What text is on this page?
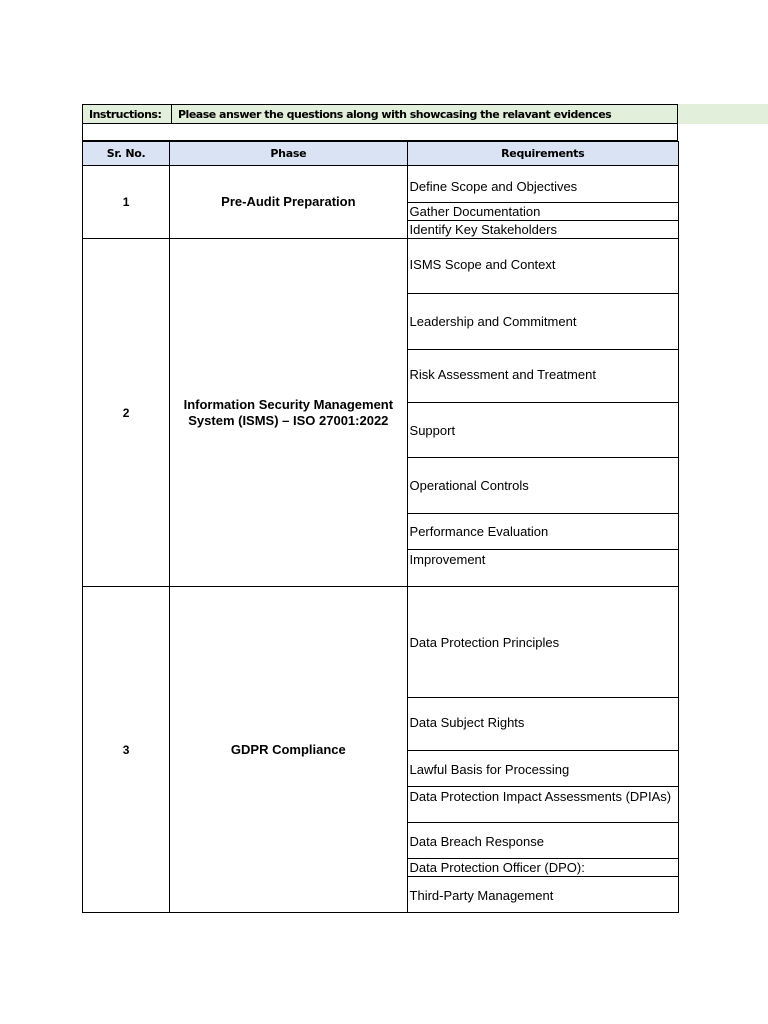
Instructions:	Please answer the questions along with showcasing the relavant evidences

Sr. No.	Phase	Requirements
1	Pre-Audit Preparation	Define Scope and Objectives
		Gather Documentation
		Identify Key Stakeholders
2	Information Security Management System (ISMS) – ISO 27001:2022	ISMS Scope and Context
		Leadership and Commitment
		Risk Assessment and Treatment
		Support
		Operational Controls
		Performance Evaluation
		Improvement
3	GDPR Compliance	Data Protection Principles
		Data Subject Rights
		Lawful Basis for Processing
		Data Protection Impact Assessments (DPIAs)
		Data Breach Response
		Data Protection Officer (DPO):
		Third-Party Management
